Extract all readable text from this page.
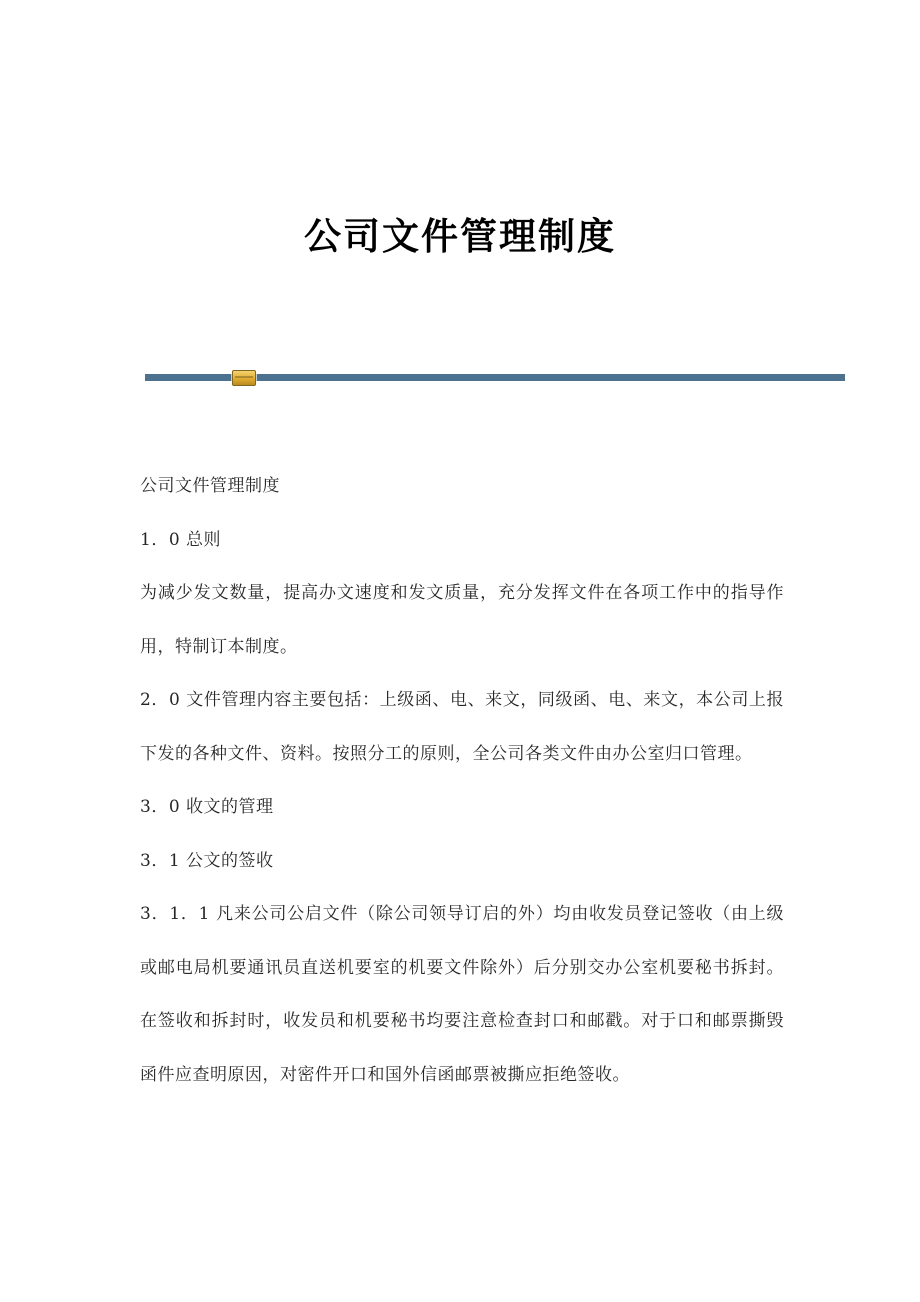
公司文件管理制度

公司文件管理制度

1．0 总则

为减少发文数量，提高办文速度和发文质量，充分发挥文件在各项工作中的指导作用，特制订本制度。

2．0 文件管理内容主要包括：上级函、电、来文，同级函、电、来文，本公司上报下发的各种文件、资料。按照分工的原则，全公司各类文件由办公室归口管理。

3．0 收文的管理

3．1 公文的签收

3．1．1 凡来公司公启文件（除公司领导订启的外）均由收发员登记签收（由上级或邮电局机要通讯员直送机要室的机要文件除外）后分别交办公室机要秘书拆封。在签收和拆封时，收发员和机要秘书均要注意检查封口和邮戳。对于口和邮票撕毁函件应查明原因，对密件开口和国外信函邮票被撕应拒绝签收。
